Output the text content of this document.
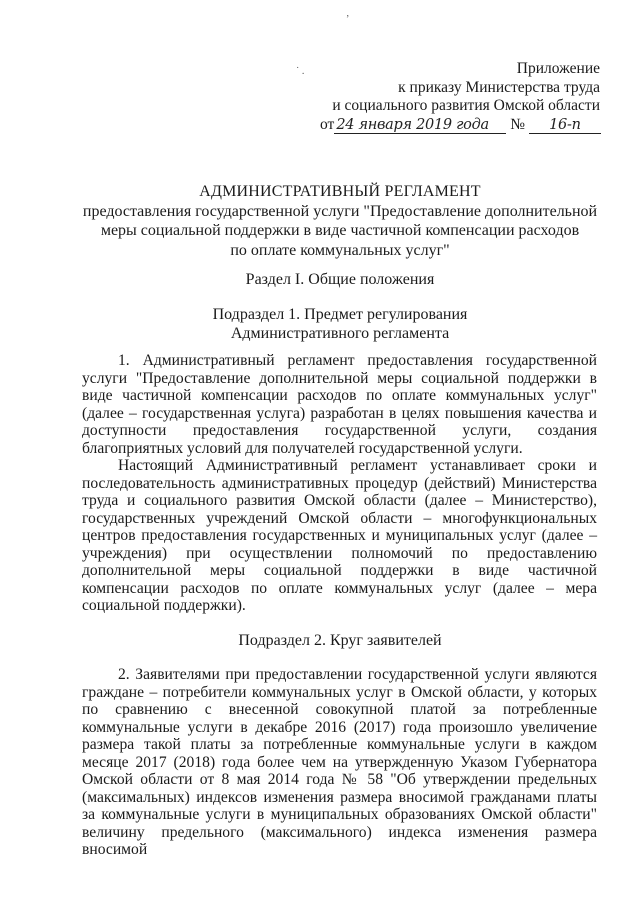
˙ .
ʼ
Приложение
к приказу Министерства труда
и социального развития Омской области
от 24 января 2019 года № 16-п
АДМИНИСТРАТИВНЫЙ РЕГЛАМЕНТ
предоставления государственной услуги "Предоставление дополнительной
меры социальной поддержки в виде частичной компенсации расходов
по оплате коммунальных услуг"
Раздел I. Общие положения
Подраздел 1. Предмет регулирования
Административного регламента

1. Административный регламент предоставления государственной услуги "Предоставление дополнительной меры социальной поддержки в виде частичной компенсации расходов по оплате коммунальных услуг" (далее – государственная услуга) разработан в целях повышения качества и доступности предоставления государственной услуги, создания благоприятных условий для получателей государственной услуги.

Настоящий Административный регламент устанавливает сроки и последовательность административных процедур (действий) Министерства труда и социального развития Омской области (далее – Министерство), государственных учреждений Омской области – многофункциональных центров предоставления государственных и муниципальных услуг (далее – учреждения) при осуществлении полномочий по предоставлению дополнительной меры социальной поддержки в виде частичной компенсации расходов по оплате коммунальных услуг (далее – мера социальной поддержки).

Подраздел 2. Круг заявителей

2. Заявителями при предоставлении государственной услуги являются граждане – потребители коммунальных услуг в Омской области, у которых по сравнению с внесенной совокупной платой за потребленные коммунальные услуги в декабре 2016 (2017) года произошло увеличение размера такой платы за потребленные коммунальные услуги в каждом месяце 2017 (2018) года более чем на утвержденную Указом Губернатора Омской области от 8 мая 2014 года № 58 "Об утверждении предельных (максимальных) индексов изменения размера вносимой гражданами платы за коммунальные услуги в муниципальных образованиях Омской области" величину предельного (максимального) индекса изменения размера вносимой
